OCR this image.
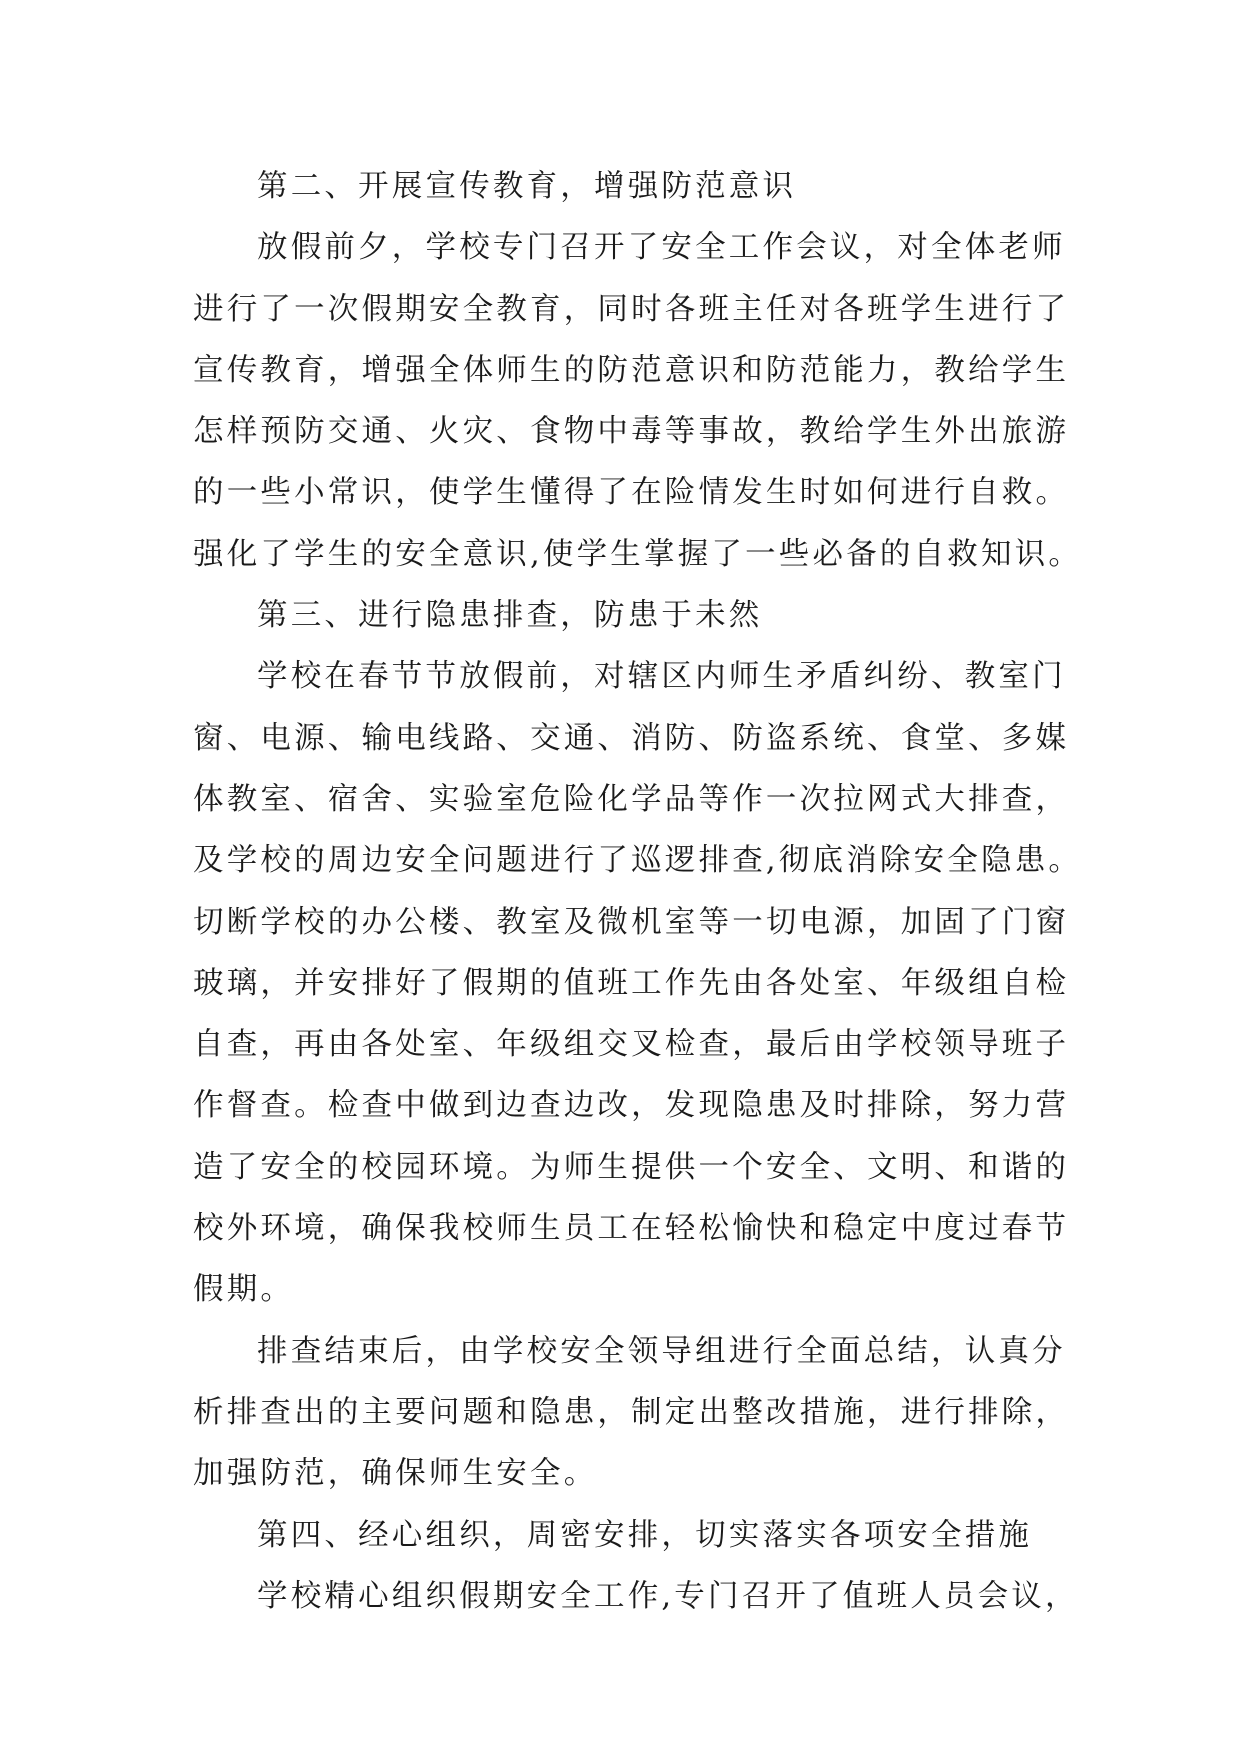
第二、开展宣传教育，增强防范意识
放假前夕，学校专门召开了安全工作会议，对全体老师
进行了一次假期安全教育，同时各班主任对各班学生进行了
宣传教育，增强全体师生的防范意识和防范能力，教给学生
怎样预防交通、火灾、食物中毒等事故，教给学生外出旅游
的一些小常识，使学生懂得了在险情发生时如何进行自救。
强化了学生的安全意识,使学生掌握了一些必备的自救知识。
第三、进行隐患排查，防患于未然
学校在春节节放假前，对辖区内师生矛盾纠纷、教室门
窗、电源、输电线路、交通、消防、防盗系统、食堂、多媒
体教室、宿舍、实验室危险化学品等作一次拉网式大排查，
及学校的周边安全问题进行了巡逻排查,彻底消除安全隐患。
切断学校的办公楼、教室及微机室等一切电源，加固了门窗
玻璃，并安排好了假期的值班工作先由各处室、年级组自检
自查，再由各处室、年级组交叉检查，最后由学校领导班子
作督查。检查中做到边查边改，发现隐患及时排除，努力营
造了安全的校园环境。为师生提供一个安全、文明、和谐的
校外环境，确保我校师生员工在轻松愉快和稳定中度过春节
假期。
排查结束后，由学校安全领导组进行全面总结，认真分
析排查出的主要问题和隐患，制定出整改措施，进行排除，
加强防范，确保师生安全。
第四、经心组织，周密安排，切实落实各项安全措施
学校精心组织假期安全工作,专门召开了值班人员会议，
